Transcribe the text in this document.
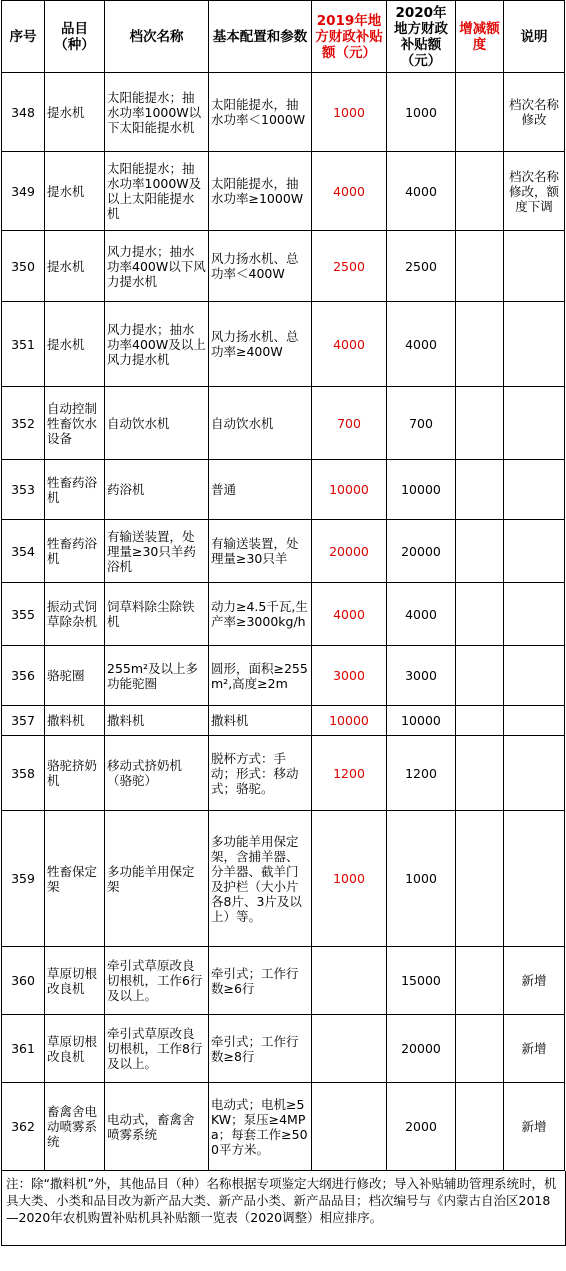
序号	品目（种）	档次名称	基本配置和参数	2019年地方财政补贴额（元）	2020年地方财政补贴额（元）	增减额度	说明
348	提水机	太阳能提水；抽水功率1000W以下太阳能提水机	太阳能提水，抽水功率＜1000W	1000	1000		档次名称修改
349	提水机	太阳能提水；抽水功率1000W及以上太阳能提水机	太阳能提水，抽水功率≥1000W	4000	4000		档次名称修改，额度下调
350	提水机	风力提水；抽水功率400W以下风力提水机	风力扬水机、总功率＜400W	2500	2500		
351	提水机	风力提水；抽水功率400W及以上风力提水机	风力扬水机、总功率≥400W	4000	4000		
352	自动控制牲畜饮水设备	自动饮水机	自动饮水机	700	700		
353	牲畜药浴机	药浴机	普通	10000	10000		
354	牲畜药浴机	有输送装置，处理量≥30只羊药浴机	有输送装置，处理量≥30只羊	20000	20000		
355	振动式饲草除杂机	饲草料除尘除铁机	动力≥4.5千瓦,生产率≥3000kg/h	4000	4000		
356	骆驼圈	255m²及以上多功能驼圈	圆形，面积≥255m²,高度≥2m	3000	3000		
357	撒料机	撒料机	撒料机	10000	10000		
358	骆驼挤奶机	移动式挤奶机（骆驼）	脱杯方式：手动；形式：移动式；骆驼。	1200	1200		
359	牲畜保定架	多功能羊用保定架	多功能羊用保定架，含捕羊器、分羊器、截羊门及护栏（大小片各8片、3片及以上）等。	1000	1000		
360	草原切根改良机	牵引式草原改良切根机，工作6行及以上。	牵引式；工作行数≥6行		15000		新增
361	草原切根改良机	牵引式草原改良切根机，工作8行及以上。	牵引式；工作行数≥8行		20000		新增
362	畜禽舍电动喷雾系统	电动式，畜禽舍喷雾系统	电动式；电机≥5KW；泵压≥4MPa；每套工作≥500平方米。		2000		新增
注：除“撒料机”外，其他品目（种）名称根据专项鉴定大纲进行修改；导入补贴辅助管理系统时，机具大类、小类和品目改为新产品大类、新产品小类、新产品品目；档次编号与《内蒙古自治区2018—2020年农机购置补贴机具补贴额一览表（2020调整）相应排序。
